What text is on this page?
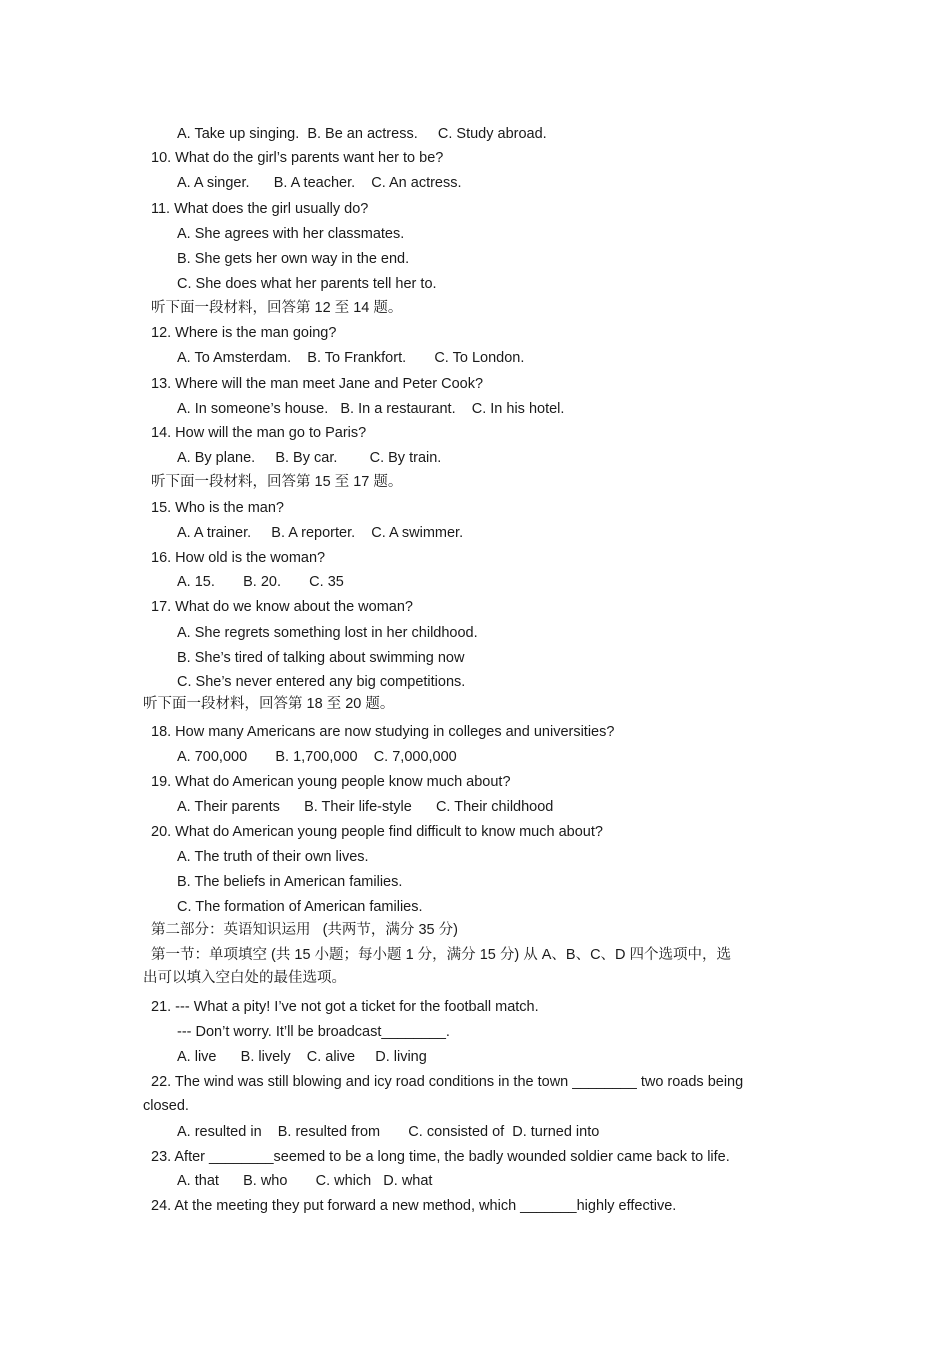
A. Take up singing.  B. Be an actress.     C. Study abroad.
10. What do the girl’s parents want her to be?
A. A singer.      B. A teacher.    C. An actress.
11. What does the girl usually do?
A. She agrees with her classmates.
B. She gets her own way in the end.
C. She does what her parents tell her to.
听下面一段材料，回答第 12 至 14 题。
12. Where is the man going?
A. To Amsterdam.    B. To Frankfort.       C. To London.
13. Where will the man meet Jane and Peter Cook?
A. In someone’s house.   B. In a restaurant.    C. In his hotel.
14. How will the man go to Paris?
A. By plane.     B. By car.        C. By train.
听下面一段材料，回答第 15 至 17 题。
15. Who is the man?
A. A trainer.     B. A reporter.    C. A swimmer.
16. How old is the woman?
A. 15.       B. 20.       C. 35
17. What do we know about the woman?
A. She regrets something lost in her childhood.
B. She’s tired of talking about swimming now
C. She’s never entered any big competitions.
听下面一段材料，回答第 18 至 20 题。
18. How many Americans are now studying in colleges and universities?
A. 700,000       B. 1,700,000    C. 7,000,000
19. What do American young people know much about?
A. Their parents      B. Their life-style      C. Their childhood
20. What do American young people find difficult to know much about?
A. The truth of their own lives.
B. The beliefs in American families.
C. The formation of American families.
第二部分：英语知识运用   (共两节，满分 35 分)
第一节：单项填空 (共 15 小题；每小题 1 分，满分 15 分) 从 A、B、C、D 四个选项中，选
出可以填入空白处的最佳选项。
21. --- What a pity! I’ve not got a ticket for the football match.
--- Don’t worry. It’ll be broadcast________.
A. live      B. lively    C. alive     D. living
22. The wind was still blowing and icy road conditions in the town ________ two roads being
closed.
A. resulted in    B. resulted from       C. consisted of  D. turned into
23. After ________seemed to be a long time, the badly wounded soldier came back to life.
A. that      B. who       C. which   D. what
24. At the meeting they put forward a new method, which _______highly effective.
